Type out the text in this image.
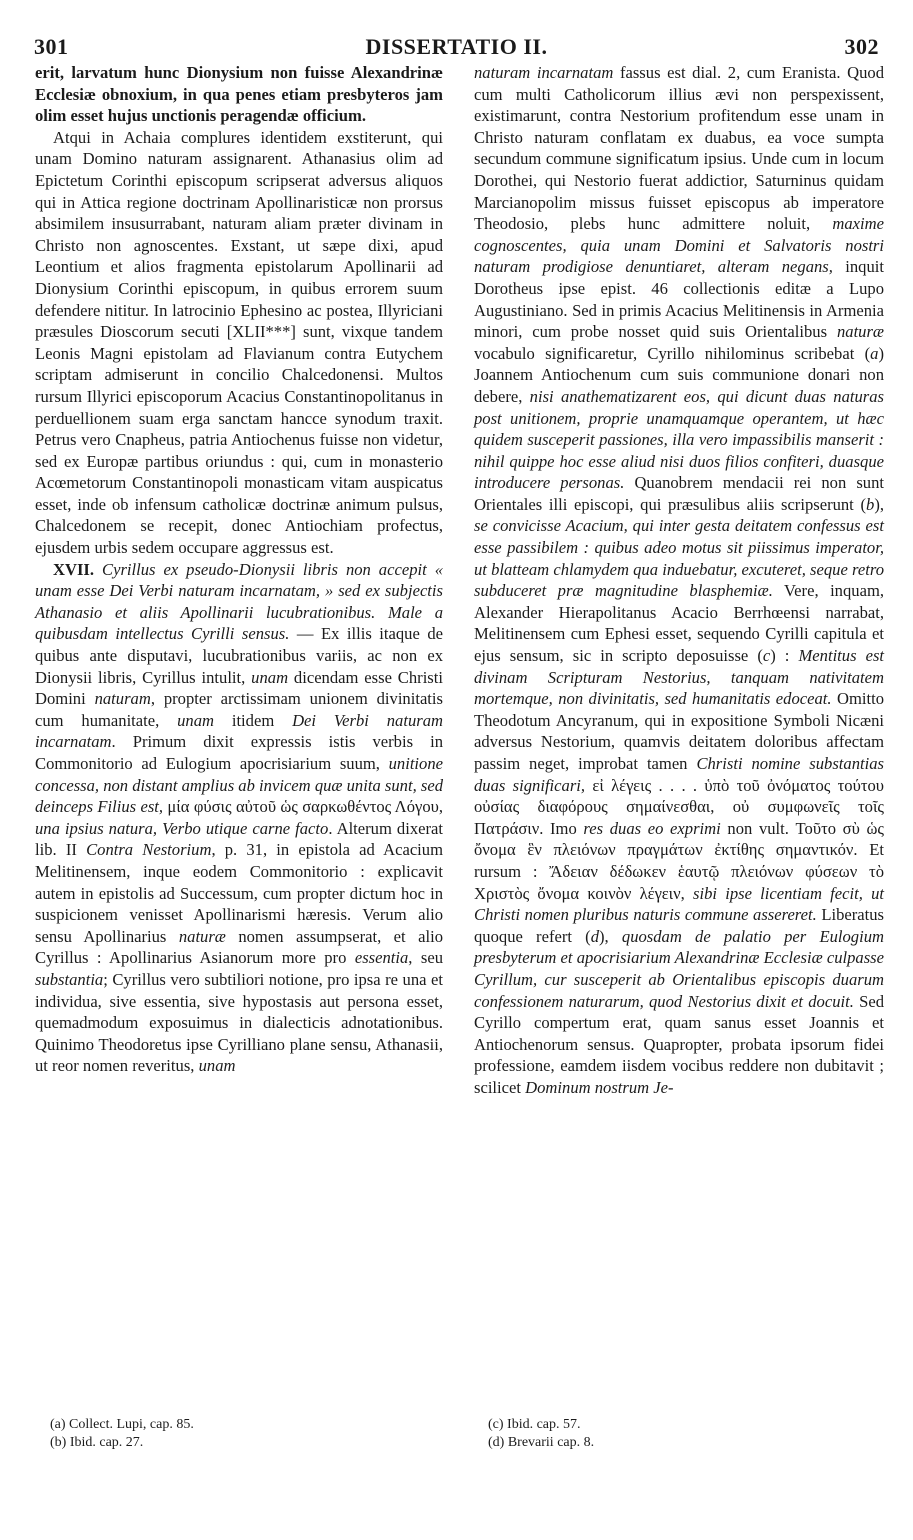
301	DISSERTATIO II.	302

erit, larvatum hunc Dionysium non fuisse Alexandrinæ Ecclesiæ obnoxium, in qua penes etiam presbyteros jam olim esset hujus unctionis peragendæ officium.

Atqui in Achaia complures identidem exstiterunt, qui unam Domino naturam assignarent. Athanasius olim ad Epictetum Corinthi episcopum scripserat adversus aliquos qui in Attica regione doctrinam Apollinaristicæ non prorsus absimilem insusurrabant, naturam aliam præter divinam in Christo non agnoscentes. Exstant, ut sæpe dixi, apud Leontium et alios fragmenta epistolarum Apollinarii ad Dionysium Corinthi episcopum, in quibus errorem suum defendere nititur. In latrocinio Ephesino ac postea, Illyriciani præsules Dioscorum secuti [XLII***] sunt, vixque tandem Leonis Magni epistolam ad Flavianum contra Eutychem scriptam admiserunt in concilio Chalcedonensi. Multos rursum Illyrici episcoporum Acacius Constantinopolitanus in perduellionem suam erga sanctam hancce synodum traxit. Petrus vero Cnapheus, patria Antiochenus fuisse non videtur, sed ex Europæ partibus oriundus : qui, cum in monasterio Acœmetorum Constantinopoli monasticam vitam auspicatus esset, inde ob infensum catholicæ doctrinæ animum pulsus, Chalcedonem se recepit, donec Antiochiam profectus, ejusdem urbis sedem occupare aggressus est.

XVII. Cyrillus ex pseudo-Dionysii libris non accepit « unam esse Dei Verbi naturam incarnatam, » sed ex subjectis Athanasio et aliis Apollinarii lucubrationibus. Male a quibusdam intellectus Cyrilli sensus. — Ex illis itaque de quibus ante disputavi, lucubrationibus variis, ac non ex Dionysii libris, Cyrillus intulit, unam dicendam esse Christi Domini naturam, propter arctissimam unionem divinitatis cum humanitate, unam itidem Dei Verbi naturam incarnatam. Primum dixit expressis istis verbis in Commonitorio ad Eulogium apocrisiarium suum, unitione concessa, non distant amplius ab invicem quæ unita sunt, sed deinceps Filius est, μία φύσις αὐτοῦ ὡς σαρκωθέντος Λόγου, una ipsius natura, Verbo utique carne facto. Alterum dixerat lib. II Contra Nestorium, p. 31, in epistola ad Acacium Melitinensem, inque eodem Commonitorio : explicavit autem in epistolis ad Successum, cum propter dictum hoc in suspicionem venisset Apollinarismi hæresis. Verum alio sensu Apollinarius naturæ nomen assumpserat, et alio Cyrillus : Apollinarius Asianorum more pro essentia, seu substantia; Cyrillus vero subtiliori notione, pro ipsa re una et individua, sive essentia, sive hypostasis aut persona esset, quemadmodum exposuimus in dialecticis adnotationibus. Quinimo Theodoretus ipse Cyrilliano plane sensu, Athanasii, ut reor nomen reveritus, unam

naturam incarnatam fassus est dial. 2, cum Eranista. Quod cum multi Catholicorum illius ævi non perspexissent, existimarunt, contra Nestorium profitendum esse unam in Christo naturam conflatam ex duabus, ea voce sumpta secundum commune significatum ipsius. Unde cum in locum Dorothei, qui Nestorio fuerat addictior, Saturninus quidam Marcianopolim missus fuisset episcopus ab imperatore Theodosio, plebs hunc admittere noluit, maxime cognoscentes, quia unam Domini et Salvatoris nostri naturam prodigiose denuntiaret, alteram negans, inquit Dorotheus ipse epist. 46 collectionis editæ a Lupo Augustiniano. Sed in primis Acacius Melitinensis in Armenia minori, cum probe nosset quid suis Orientalibus naturæ vocabulo significaretur, Cyrillo nihilominus scribebat (a) Joannem Antiochenum cum suis communione donari non debere, nisi anathematizarent eos, qui dicunt duas naturas post unitionem, proprie unamquamque operantem, ut hæc quidem susceperit passiones, illa vero impassibilis manserit : nihil quippe hoc esse aliud nisi duos filios confiteri, duasque introducere personas. Quanobrem mendacii rei non sunt Orientales illi episcopi, qui præsulibus aliis scripserunt (b), se convicisse Acacium, qui inter gesta deitatem confessus est esse passibilem : quibus adeo motus sit piissimus imperator, ut blatteam chlamydem qua induebatur, excuteret, seque retro subduceret præ magnitudine blasphemiæ. Vere, inquam, Alexander Hierapolitanus Acacio Berrhœensi narrabat, Melitinensem cum Ephesi esset, sequendo Cyrilli capitula et ejus sensum, sic in scripto deposuisse (c) : Mentitus est divinam Scripturam Nestorius, tanquam nativitatem mortemque, non divinitatis, sed humanitatis edoceat. Omitto Theodotum Ancyranum, qui in expositione Symboli Nicæni adversus Nestorium, quamvis deitatem doloribus affectam passim neget, improbat tamen Christi nomine substantias duas significari, εἰ λέγεις . . . . ὑπὸ τοῦ ὀνόματος τούτου οὐσίας διαφόρους σημαίνεσθαι, οὐ συμφωνεῖς τοῖς Πατράσιν. Imo res duas eo exprimi non vult. Τοῦτο σὺ ὡς ὄνομα ἓν πλειόνων πραγμάτων ἐκτίθης σημαντικόν. Et rursum : Ἄδειαν δέδωκεν ἑαυτῷ πλειόνων φύσεων τὸ Χριστὸς ὄνομα κοινὸν λέγειν, sibi ipse licentiam fecit, ut Christi nomen pluribus naturis commune assereret. Liberatus quoque refert (d), quosdam de palatio per Eulogium presbyterum et apocrisiarium Alexandrinæ Ecclesiæ culpasse Cyrillum, cur susceperit ab Orientalibus episcopis duarum confessionem naturarum, quod Nestorius dixit et docuit. Sed Cyrillo compertum erat, quam sanus esset Joannis et Antiochenorum sensus. Quapropter, probata ipsorum fidei professione, eamdem iisdem vocibus reddere non dubitavit ; scilicet Dominum nostrum Je-

(a) Collect. Lupi, cap. 85.
(b) Ibid. cap. 27.
(c) Ibid. cap. 57.
(d) Brevarii cap. 8.
